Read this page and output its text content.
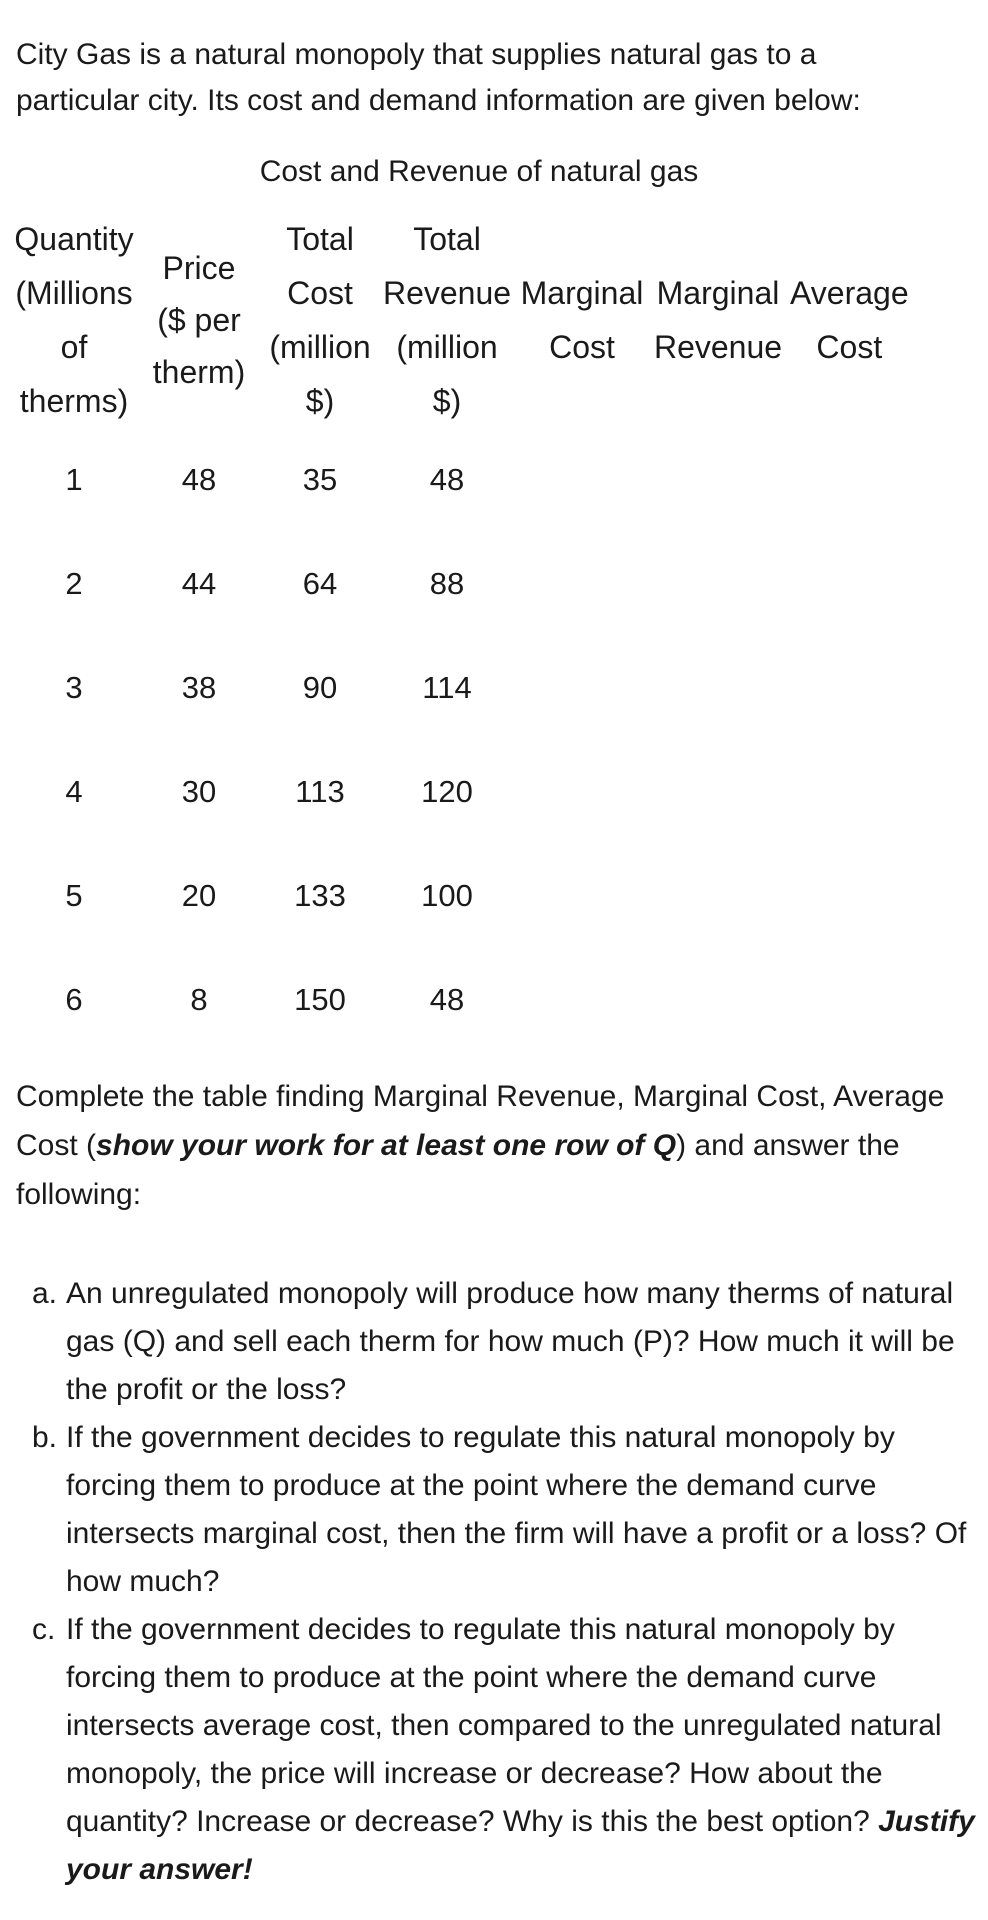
City Gas is a natural monopoly that supplies natural gas to a
particular city. Its cost and demand information are given below:

Cost and Revenue of natural gas

Quantity
(Millions
of
therms)	Price
($ per
therm)	Total
Cost
(million
$)	Total
Revenue
(million
$)	Marginal
Cost	Marginal
Revenue	Average
Cost

1	48	35	48			
2	44	64	88			
3	38	90	114			
4	30	113	120			
5	20	133	100			
6	8	150	48			

Complete the table finding Marginal Revenue, Marginal Cost, Average Cost (show your work for at least one row of Q) and answer the following:

a. An unregulated monopoly will produce how many therms of natural gas (Q) and sell each therm for how much (P)? How much it will be the profit or the loss?
b. If the government decides to regulate this natural monopoly by forcing them to produce at the point where the demand curve intersects marginal cost, then the firm will have a profit or a loss? Of how much?
c. If the government decides to regulate this natural monopoly by forcing them to produce at the point where the demand curve intersects average cost, then compared to the unregulated natural monopoly, the price will increase or decrease? How about the quantity? Increase or decrease? Why is this the best option? Justify your answer!
